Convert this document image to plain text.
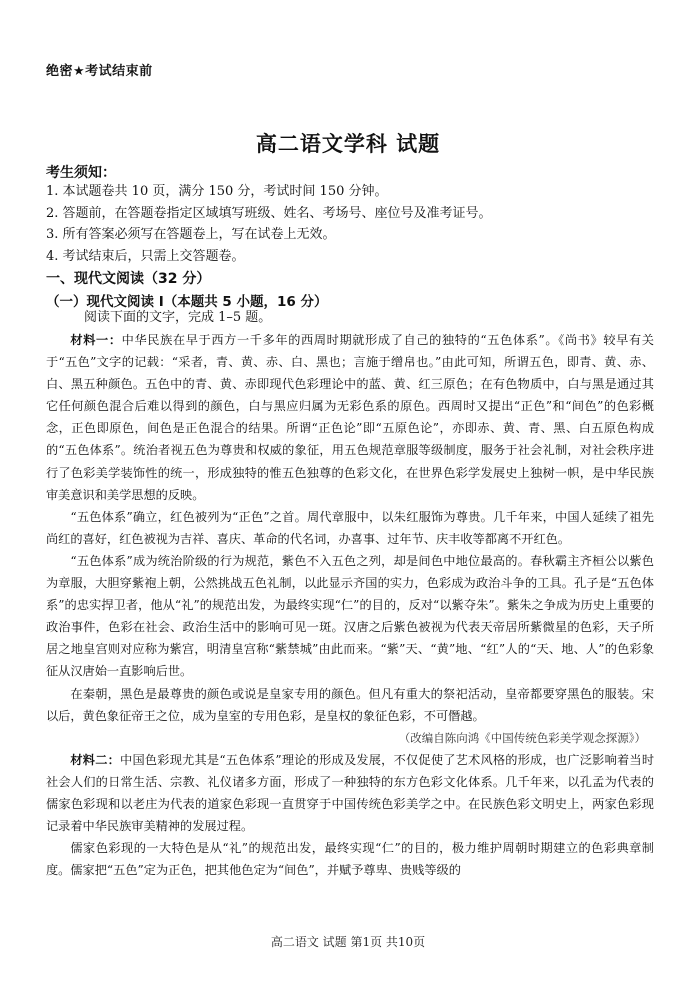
绝密★考试结束前
高二语文学科 试题
考生须知：
1. 本试题卷共 10 页，满分 150 分，考试时间 150 分钟。
2. 答题前，在答题卷指定区域填写班级、姓名、考场号、座位号及准考证号。
3. 所有答案必须写在答题卷上，写在试卷上无效。
4. 考试结束后，只需上交答题卷。
一、现代文阅读（32 分）
（一）现代文阅读 I（本题共 5 小题，16 分）
阅读下面的文字，完成 1–5 题。

材料一：中华民族在早于西方一千多年的西周时期就形成了自己的独特的“五色体系”。《尚书》较早有关于“五色”文字的记载：“采者，青、黄、赤、白、黑也；言施于缯帛也。”由此可知，所谓五色，即青、黄、赤、白、黑五种颜色。五色中的青、黄、赤即现代色彩理论中的蓝、黄、红三原色；在有色物质中，白与黑是通过其它任何颜色混合后难以得到的颜色，白与黑应归属为无彩色系的原色。西周时又提出“正色”和“间色”的色彩概念，正色即原色，间色是正色混合的结果。所谓“正色论”即“五原色论”，亦即赤、黄、青、黑、白五原色构成的“五色体系”。统治者视五色为尊贵和权威的象征，用五色规范章服等级制度，服务于社会礼制，对社会秩序进行了色彩美学装饰性的统一，形成独特的惟五色独尊的色彩文化，在世界色彩学发展史上独树一帜，是中华民族审美意识和美学思想的反映。

“五色体系”确立，红色被列为“正色”之首。周代章服中，以朱红服饰为尊贵。几千年来，中国人延续了祖先尚红的喜好，红色被视为吉祥、喜庆、革命的代名词，办喜事、过年节、庆丰收等都离不开红色。

“五色体系”成为统治阶级的行为规范，紫色不入五色之列，却是间色中地位最高的。春秋霸主齐桓公以紫色为章服，大胆穿紫袍上朝，公然挑战五色礼制，以此显示齐国的实力，色彩成为政治斗争的工具。孔子是“五色体系”的忠实捍卫者，他从“礼”的规范出发，为最终实现“仁”的目的，反对“以紫夺朱”。紫朱之争成为历史上重要的政治事件，色彩在社会、政治生活中的影响可见一斑。汉唐之后紫色被视为代表天帝居所紫微星的色彩，天子所居之地皇宫则对应称为紫宫，明清皇宫称“紫禁城”由此而来。“紫”天、“黄”地、“红”人的“天、地、人”的色彩象征从汉唐始一直影响后世。

在秦朝，黑色是最尊贵的颜色或说是皇家专用的颜色。但凡有重大的祭祀活动，皇帝都要穿黑色的服装。宋以后，黄色象征帝王之位，成为皇室的专用色彩，是皇权的象征色彩，不可僭越。

（改编自陈向鸿《中国传统色彩美学观念探源》）

材料二：中国色彩现尤其是“五色体系”理论的形成及发展，不仅促使了艺术风格的形成，也广泛影响着当时社会人们的日常生活、宗教、礼仪诸多方面，形成了一种独特的东方色彩文化体系。几千年来，以孔孟为代表的儒家色彩现和以老庄为代表的道家色彩现一直贯穿于中国传统色彩美学之中。在民族色彩文明史上，两家色彩现记录着中华民族审美精神的发展过程。

儒家色彩现的一大特色是从“礼”的规范出发，最终实现“仁”的目的，极力维护周朝时期建立的色彩典章制度。儒家把“五色”定为正色，把其他色定为“间色”，并赋予尊卑、贵贱等级的

高二语文 试题 第1页 共10页
